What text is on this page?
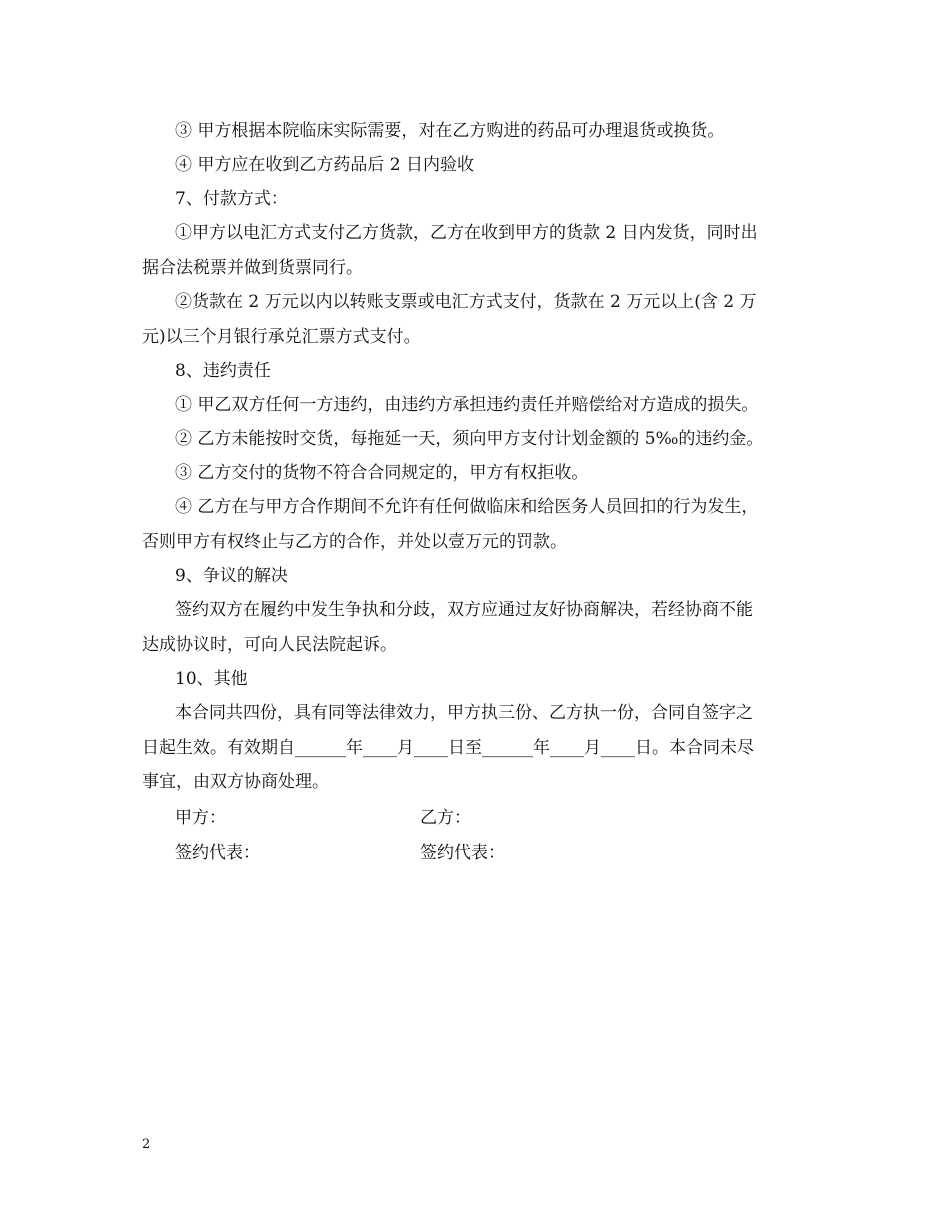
③ 甲方根据本院临床实际需要，对在乙方购进的药品可办理退货或换货。
④ 甲方应在收到乙方药品后 2 日内验收
7、付款方式：
①甲方以电汇方式支付乙方货款，乙方在收到甲方的货款 2 日内发货，同时出
据合法税票并做到货票同行。
②货款在 2 万元以内以转账支票或电汇方式支付，货款在 2 万元以上(含 2 万
元)以三个月银行承兑汇票方式支付。
8、违约责任
① 甲乙双方任何一方违约，由违约方承担违约责任并赔偿给对方造成的损失。
② 乙方未能按时交货，每拖延一天，须向甲方支付计划金额的 5‰的违约金。
③ 乙方交付的货物不符合合同规定的，甲方有权拒收。
④ 乙方在与甲方合作期间不允许有任何做临床和给医务人员回扣的行为发生，
否则甲方有权终止与乙方的合作，并处以壹万元的罚款。
9、争议的解决
签约双方在履约中发生争执和分歧，双方应通过友好协商解决，若经协商不能
达成协议时，可向人民法院起诉。
10、其他
本合同共四份，具有同等法律效力，甲方执三份、乙方执一份，合同自签字之
日起生效。有效期自______年____月____日至______年____月____日。本合同未尽
事宜，由双方协商处理。
甲方：	乙方：
签约代表：	签约代表：
2
